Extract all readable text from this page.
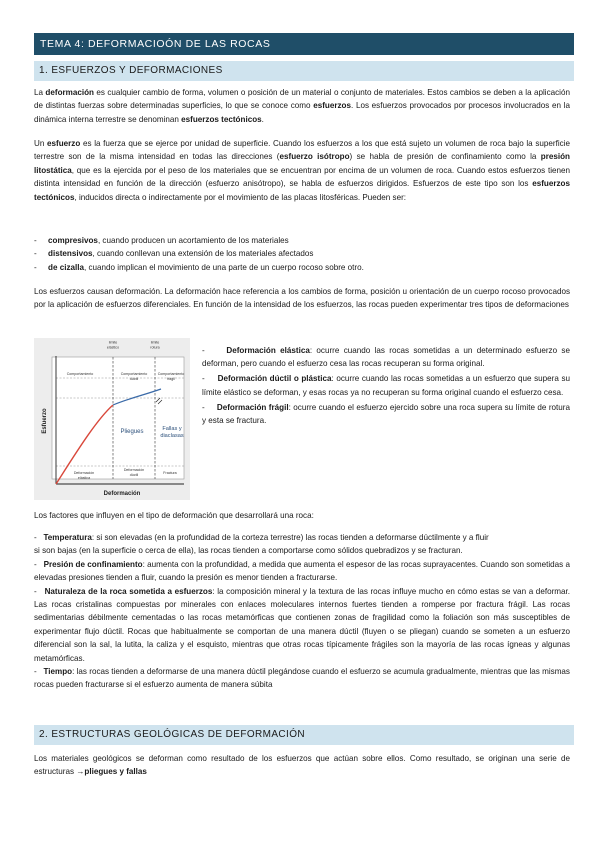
TEMA 4: DEFORMACIOÓN DE LAS ROCAS
1. ESFUERZOS Y DEFORMACIONES

La deformación es cualquier cambio de forma, volumen o posición de un material o conjunto de materiales. Estos cambios se deben a la aplicación de distintas fuerzas sobre determinadas superficies, lo que se conoce como esfuerzos. Los esfuerzos provocados por procesos involucrados en la dinámica interna terrestre se denominan esfuerzos tectónicos.

Un esfuerzo es la fuerza que se ejerce por unidad de superficie. Cuando los esfuerzos a los que está sujeto un volumen de roca bajo la superficie terrestre son de la misma intensidad en todas las direcciones (esfuerzo isótropo) se habla de presión de confinamiento como la presión litostática, que es la ejercida por el peso de los materiales que se encuentran por encima de un volumen de roca. Cuando estos esfuerzos tienen distinta intensidad en función de la dirección (esfuerzo anisótropo), se habla de esfuerzos dirigidos. Esfuerzos de este tipo son los esfuerzos tectónicos, inducidos directa o indirectamente por el movimiento de las placas litosféricas. Pueden ser:

- compresivos, cuando producen un acortamiento de los materiales
- distensivos, cuando conllevan una extensión de los materiales afectados
- de cizalla, cuando implican el movimiento de una parte de un cuerpo rocoso sobre otro.

Los esfuerzos causan deformación. La deformación hace referencia a los cambios de forma, posición u orientación de un cuerpo rocoso provocados por la aplicación de esfuerzos diferenciales. En función de la intensidad de los esfuerzos, las rocas pueden experimentar tres tipos de deformaciones

límite
elástico
límite
rotura
Comportamiento	Comportamiento	Comportamiento
frágil
dúctil
Pliegues	Fallas y
diaclasas
Deformación
elástica
Deformación
dúctil	Fractura
Deformación
Esfuerzo

-     Deformación elástica: ocurre cuando las rocas sometidas a un determinado esfuerzo se deforman, pero cuando el esfuerzo cesa las rocas recuperan su forma original.

-     Deformación dúctil o plástica: ocurre cuando las rocas sometidas a un esfuerzo que supera su límite elástico se deforman, y esas rocas ya no recuperan su forma original cuando el esfuerzo cesa.

-     Deformación frágil: ocurre cuando el esfuerzo ejercido sobre una roca supera su límite de rotura y esta se fractura.

Los factores que influyen en el tipo de deformación que desarrollará una roca:

-   Temperatura: si son elevadas (en la profundidad de la corteza terrestre) las rocas tienden a deformarse dúctilmente y a fluir

si son bajas (en la superficie o cerca de ella), las rocas tienden a comportarse como sólidos quebradizos y se fracturan.

-   Presión de confinamiento: aumenta con la profundidad, a medida que aumenta el espesor de las rocas suprayacentes. Cuando son sometidas a elevadas presiones tienden a fluir, cuando la presión es menor tienden a fracturarse.

-   Naturaleza de la roca sometida a esfuerzos: la composición mineral y la textura de las rocas influye mucho en cómo estas se van a deformar. Las rocas cristalinas compuestas por minerales con enlaces moleculares internos fuertes tienden a romperse por fractura frágil. Las rocas sedimentarias débilmente cementadas o las rocas metamórficas que contienen zonas de fragilidad como la foliación son más susceptibles de experimentar flujo dúctil. Rocas que habitualmente se comportan de una manera dúctil (fluyen o se pliegan) cuando se someten a un esfuerzo diferencial son la sal, la lutita, la caliza y el esquisto, mientras que otras rocas típicamente frágiles son la mayoría de las rocas ígneas y algunas metamórficas.

-   Tiempo: las rocas tienden a deformarse de una manera dúctil plegándose cuando el esfuerzo se acumula gradualmente, mientras que las mismas rocas pueden fracturarse si el esfuerzo aumenta de manera súbita

2. ESTRUCTURAS GEOLÓGICAS DE DEFORMACIÓN

Los materiales geológicos se deforman como resultado de los esfuerzos que actúan sobre ellos. Como resultado, se originan una serie de estructuras →pliegues y fallas
